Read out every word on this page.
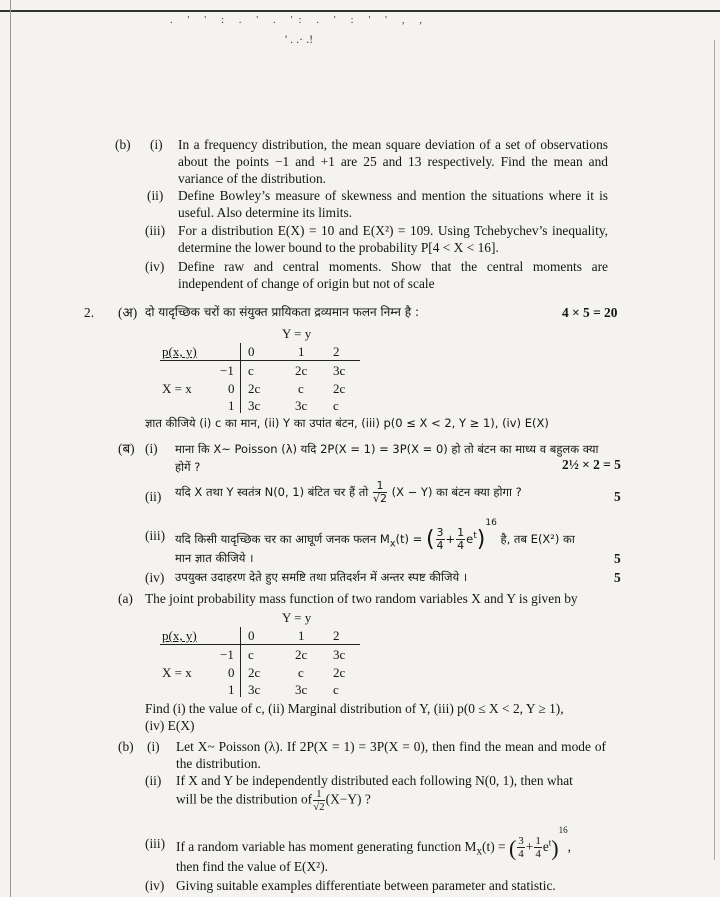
. ' ' : . ' . ': . ' : ' ' , ,
' . .· .!
(b) (i) In a frequency distribution, the mean square deviation of a set of observations about the points −1 and +1 are 25 and 13 respectively. Find the mean and variance of the distribution.
(ii) Define Bowley’s measure of skewness and mention the situations where it is useful. Also determine its limits.
(iii) For a distribution E(X) = 10 and E(X²) = 109. Using Tchebychev’s inequality, determine the lower bound to the probability P[4 < X < 16].
(iv) Define raw and central moments. Show that the central moments are independent of change of origin but not of scale
2. (अ) दो यादृच्छिक चरों का संयुक्त प्रायिकता द्रव्यमान फलन निम्न है :	4 × 5 = 20
Y = y
p(x, y)	0	1 2
X = x
−1 c	2c 3c
0 2c	c 2c
1 3c	3c c
ज्ञात कीजिये (i) c का मान, (ii) Y का उपांत बंटन, (iii) p(0 ≤ X < 2, Y ≥ 1), (iv) E(X)
(ब) (i) माना कि X~ Poisson (λ) यदि 2P(X = 1) = 3P(X = 0) हो तो बंटन का माध्य व बहुलक क्या होगें ?	2½ × 2 = 5
(ii) यदि X तथा Y स्वतंत्र N(0, 1) बंटित चर हैं तो $\frac{1}{√2} (X - Y)$ का बंटन क्या होगा ?	5
(iii) यदि किसी यादृच्छिक चर का आघूर्ण जनक फलन $M_x(t)$ = ( $\frac{3}{4} + \frac{1}{4} e^t)^{16}$ है, तब E(X²) का
मान ज्ञात कीजिये ।	5
(iv) उपयुक्त उदाहरण देते हुए समष्टि तथा प्रतिदर्शन में अन्तर स्पष्ट कीजिये ।	5
(a) The joint probability mass function of two random variables X and Y is given by
Y = y
p(x, y)	0	1 2
X = x
−1 c	2c 3c
0 2c	c 2c
1 3c	3c c
Find (i) the value of c, (ii) Marginal distribution of Y, (iii) p(0 ≤ X < 2, Y ≥ 1),
(iv) E(X)
(b) (i) Let X~ Poisson (λ). If 2P(X = 1) = 3P(X = 0), then find the mean and mode of the distribution.
(ii) If X and Y be independently distributed each following N(0, 1), then what
will be the distribution of $\frac{1}{√2} (X-Y)$ ?
(iii) If a random variable has moment generating function $M_x(t)$ = ( $\frac{3}{4} + \frac{1}{4} e^t)^{16}$,
then find the value of E(X²).
(iv) Giving suitable examples differentiate between parameter and statistic.
